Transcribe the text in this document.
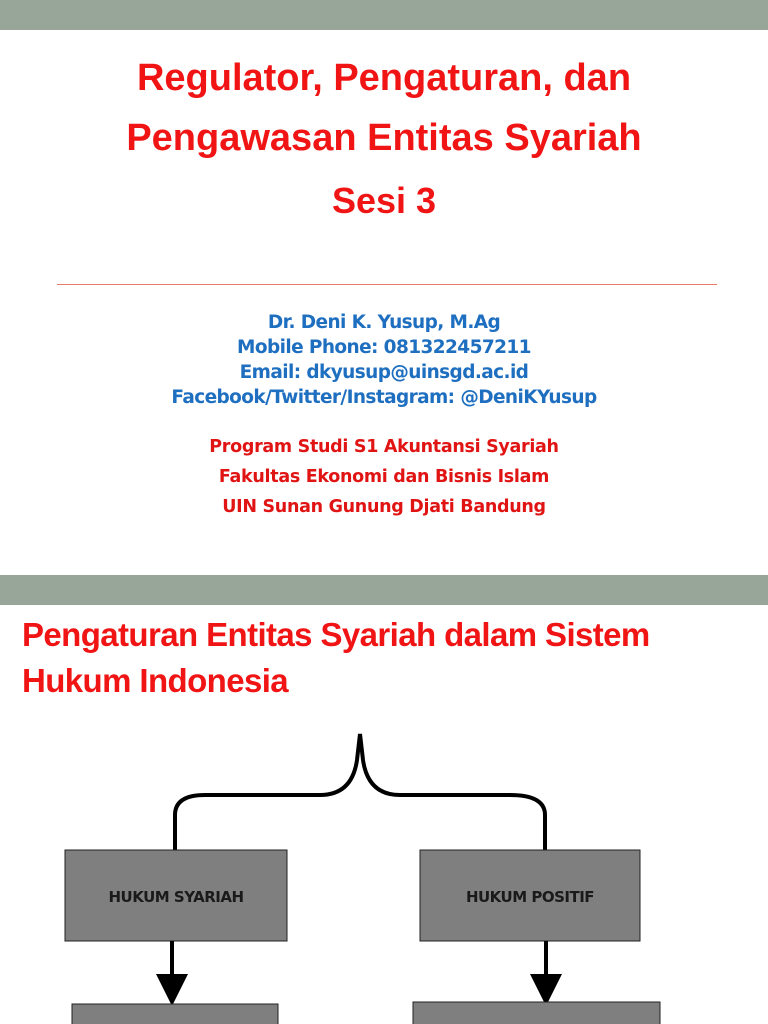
Regulator, Pengaturan, dan
Pengawasan Entitas Syariah
Sesi 3
Dr. Deni K. Yusup, M.Ag
Mobile Phone: 081322457211
Email: dkyusup@uinsgd.ac.id
Facebook/Twitter/Instagram: @DeniKYusup
Program Studi S1 Akuntansi Syariah
Fakultas Ekonomi dan Bisnis Islam
UIN Sunan Gunung Djati Bandung
Pengaturan Entitas Syariah dalam Sistem
Hukum Indonesia
HUKUM SYARIAH	HUKUM POSITIF
